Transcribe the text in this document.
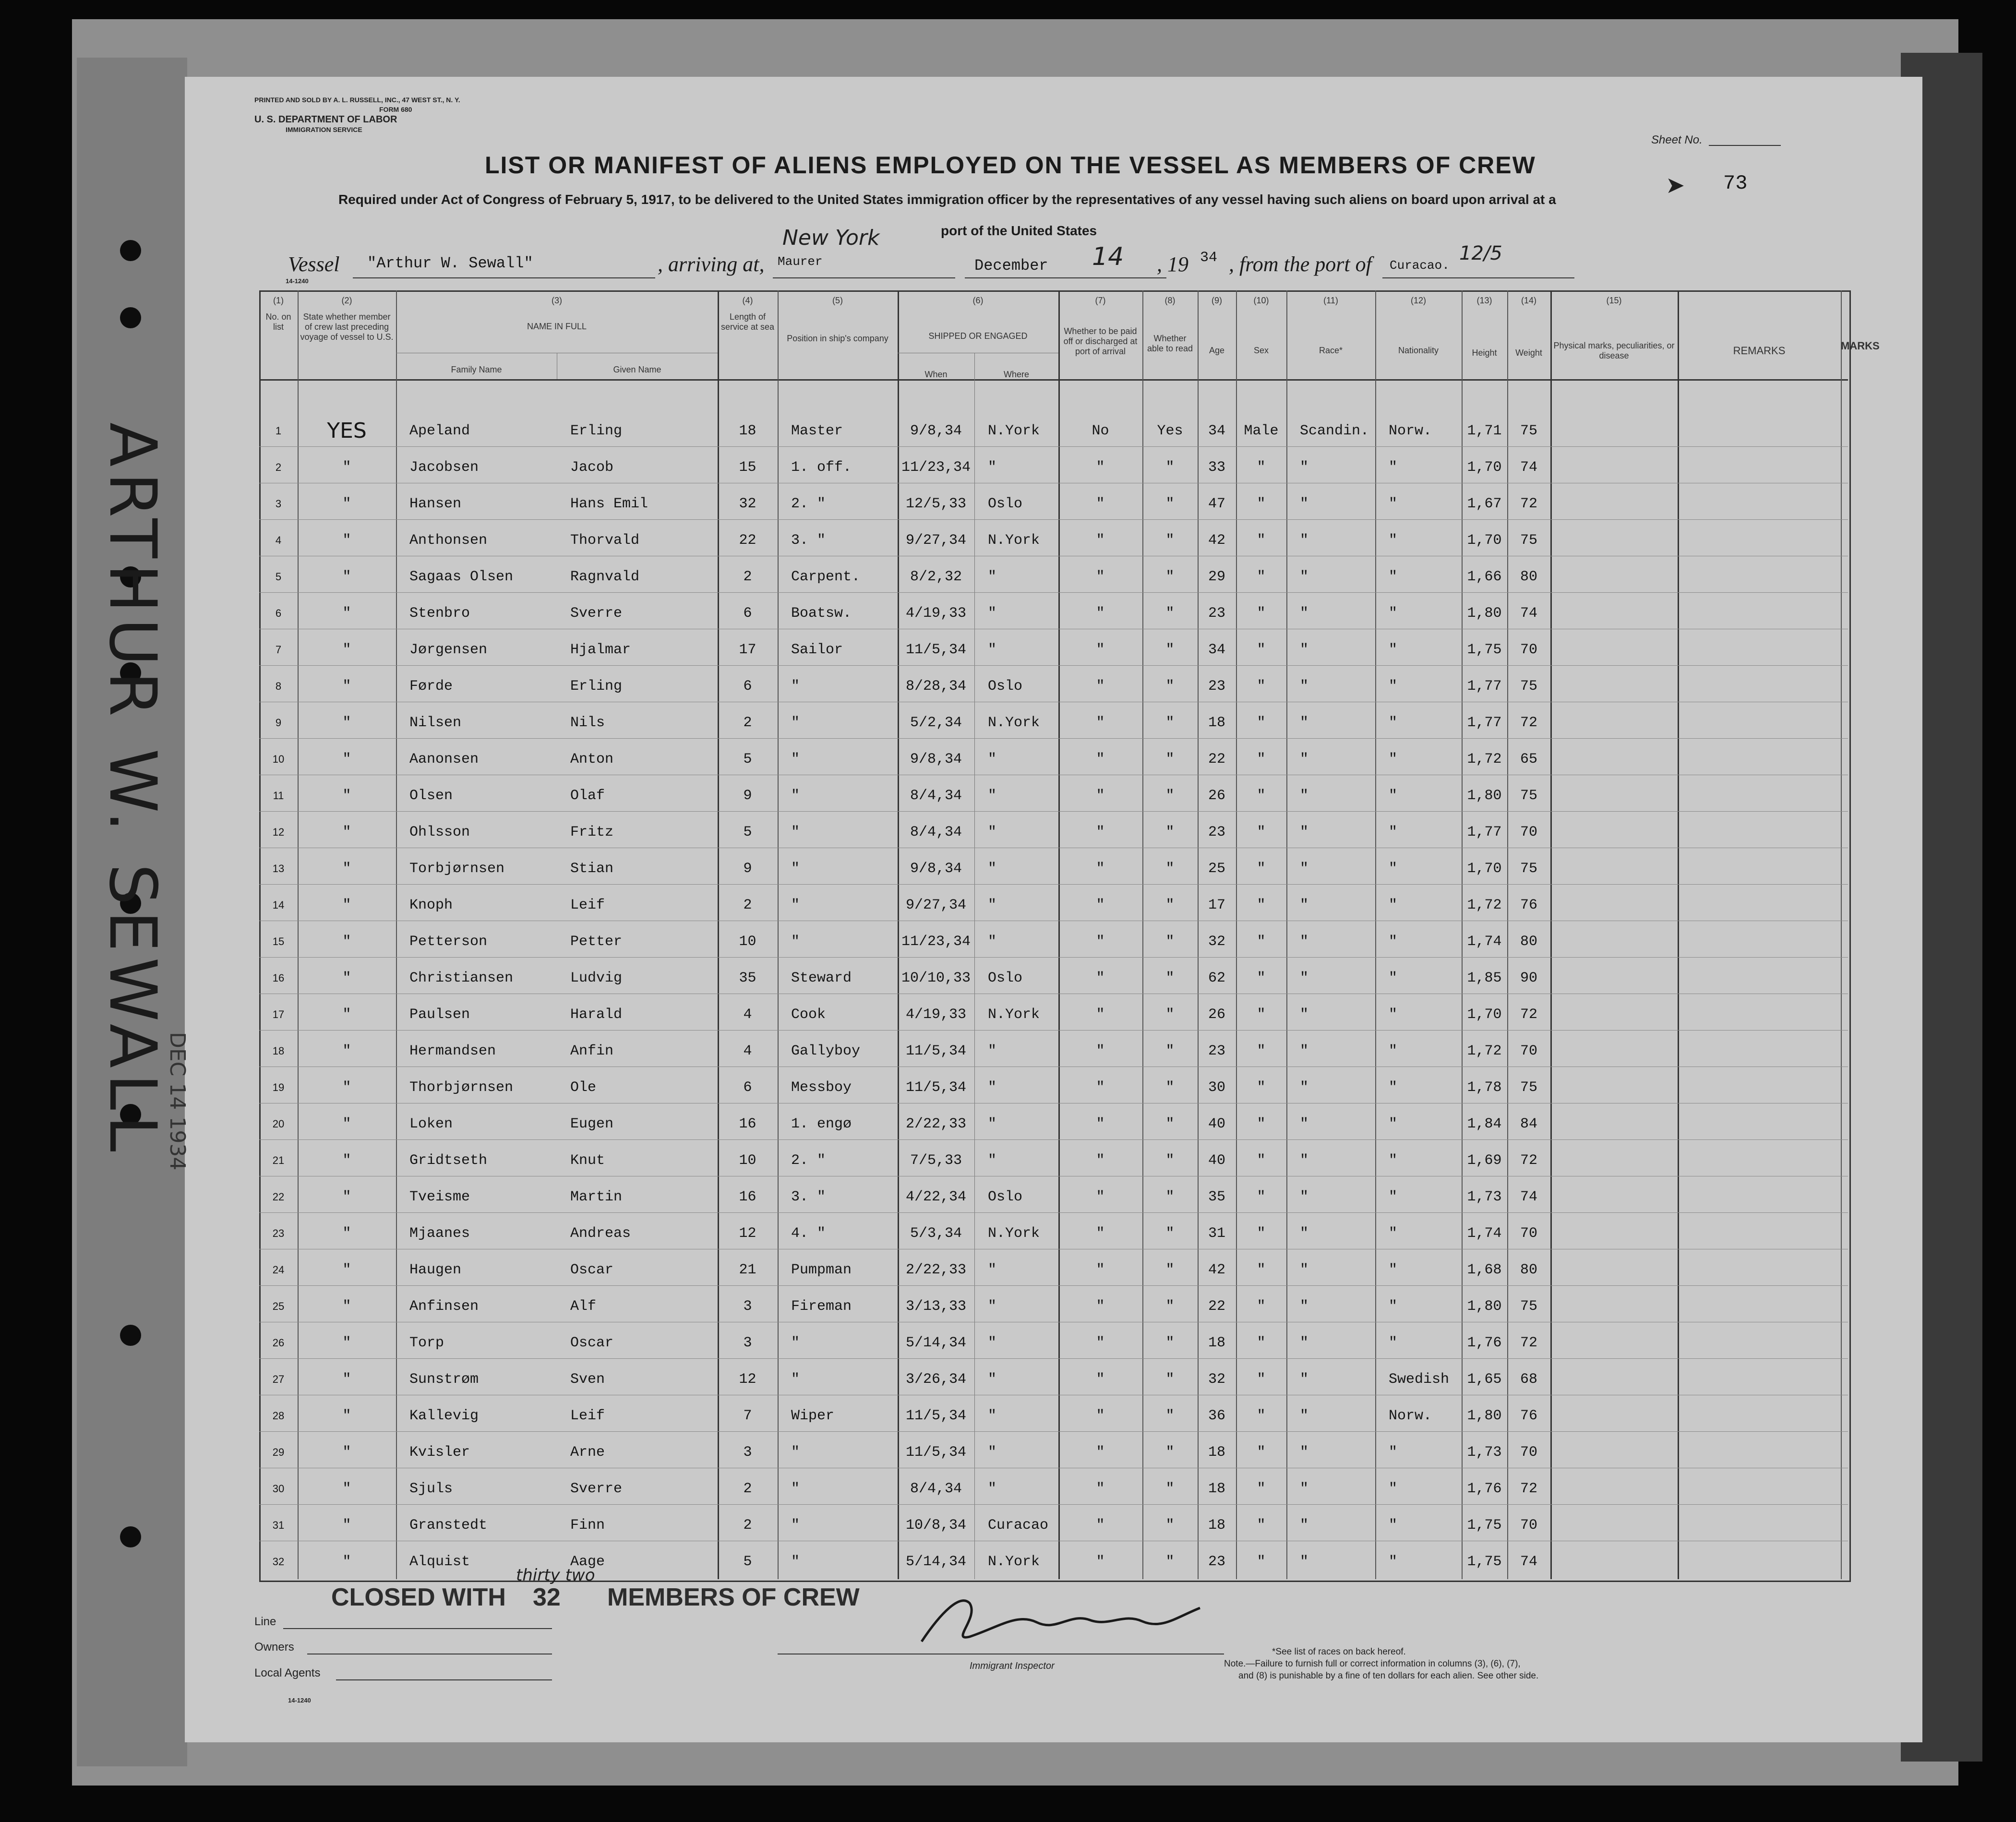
PRINTED AND SOLD BY A. L. RUSSELL, INC., 47 WEST ST., N. Y.
FORM 680
U. S. DEPARTMENT OF LABOR
IMMIGRATION SERVICE
Sheet No.
73
➤
LIST OR MANIFEST OF ALIENS EMPLOYED ON THE VESSEL AS MEMBERS OF CREW
Required under Act of Congress of February 5, 1917, to be delivered to the United States immigration officer by the representatives of any vessel having such aliens on board upon arrival at a
port of the United States
Vessel "Arthur W. Sewall"	, arriving at, Maurer
New York
December 14 , 19 34 , from the port of Curacao.
12/5
14-1240
(1)	(2)	(3)	(4)	(5)	(6)	(7)	(8)	(9)	(10)	(11)	(12)	(13)	(14)	(15)
No. on list
State whether member of crew last preceding voyage of vessel to U.S.
NAME IN FULL
Family Name	Given Name
Length of service at sea
Position in ship's company	SHIPPED OR ENGAGED
When	Where
Whether to be paid off or discharged at port of arrival
Whether able to read	Age	Sex	Race*	Nationality	Height	Weight
Physical marks, peculiarities, or disease	REMARKS	MARKS
1	YES	Apeland	Erling	18	Master	9/8,34	N.York	No	Yes	34	Male	Scandin.	Norw.	1,71	75
2	"	Jacobsen	Jacob	15	1. off.	11/23,34	"	"	"	33	"	"	"	1,70	74
3	"	Hansen	Hans Emil	32	2. "	12/5,33	Oslo	"	"	47	"	"	"	1,67	72
4	"	Anthonsen	Thorvald	22	3. "	9/27,34	N.York	"	"	42	"	"	"	1,70	75
5	"	Sagaas Olsen	Ragnvald	2	Carpent.	8/2,32	"	"	"	29	"	"	"	1,66	80
6	"	Stenbro	Sverre	6	Boatsw.	4/19,33	"	"	"	23	"	"	"	1,80	74
7	"	Jørgensen	Hjalmar	17	Sailor	11/5,34	"	"	"	34	"	"	"	1,75	70
8	"	Førde	Erling	6	"	8/28,34	Oslo	"	"	23	"	"	"	1,77	75
9	"	Nilsen	Nils	2	"	5/2,34	N.York	"	"	18	"	"	"	1,77	72
10	"	Aanonsen	Anton	5	"	9/8,34	"	"	"	22	"	"	"	1,72	65
11	"	Olsen	Olaf	9	"	8/4,34	"	"	"	26	"	"	"	1,80	75
12	"	Ohlsson	Fritz	5	"	8/4,34	"	"	"	23	"	"	"	1,77	70
13	"	Torbjørnsen	Stian	9	"	9/8,34	"	"	"	25	"	"	"	1,70	75
14	"	Knoph	Leif	2	"	9/27,34	"	"	"	17	"	"	"	1,72	76
15	"	Petterson	Petter	10	"	11/23,34	"	"	"	32	"	"	"	1,74	80
16	"	Christiansen	Ludvig	35	Steward	10/10,33	Oslo	"	"	62	"	"	"	1,85	90
17	"	Paulsen	Harald	4	Cook	4/19,33	N.York	"	"	26	"	"	"	1,70	72
18	"	Hermandsen	Anfin	4	Gallyboy	11/5,34	"	"	"	23	"	"	"	1,72	70
19	"	Thorbjørnsen	Ole	6	Messboy	11/5,34	"	"	"	30	"	"	"	1,78	75
20	"	Loken	Eugen	16	1. engø	2/22,33	"	"	"	40	"	"	"	1,84	84
21	"	Gridtseth	Knut	10	2. "	7/5,33	"	"	"	40	"	"	"	1,69	72
22	"	Tveisme	Martin	16	3. "	4/22,34	Oslo	"	"	35	"	"	"	1,73	74
23	"	Mjaanes	Andreas	12	4. "	5/3,34	N.York	"	"	31	"	"	"	1,74	70
24	"	Haugen	Oscar	21	Pumpman	2/22,33	"	"	"	42	"	"	"	1,68	80
25	"	Anfinsen	Alf	3	Fireman	3/13,33	"	"	"	22	"	"	"	1,80	75
26	"	Torp	Oscar	3	"	5/14,34	"	"	"	18	"	"	"	1,76	72
27	"	Sunstrøm	Sven	12	"	3/26,34	"	"	"	32	"	"	Swedish	1,65	68
28	"	Kallevig	Leif	7	Wiper	11/5,34	"	"	"	36	"	"	Norw.	1,80	76
29	"	Kvisler	Arne	3	"	11/5,34	"	"	"	18	"	"	"	1,73	70
30	"	Sjuls	Sverre	2	"	8/4,34	"	"	"	18	"	"	"	1,76	72
31	"	Granstedt	Finn	2	"	10/8,34	Curacao	"	"	18	"	"	"	1,75	70
32	"	Alquist	Aage	5	"	5/14,34	N.York	"	"	23	"	"	"	1,75	74
CLOSED WITH 32
thirty two
MEMBERS OF CREW
Line
Owners
Local Agents
14-1240
Immigrant Inspector
*See list of races on back hereof.
Note.—Failure to furnish full or correct information in columns (3), (6), (7),
and (8) is punishable by a fine of ten dollars for each alien. See other side.
ARTHUR W. SEWALL
DEC 14 1934
